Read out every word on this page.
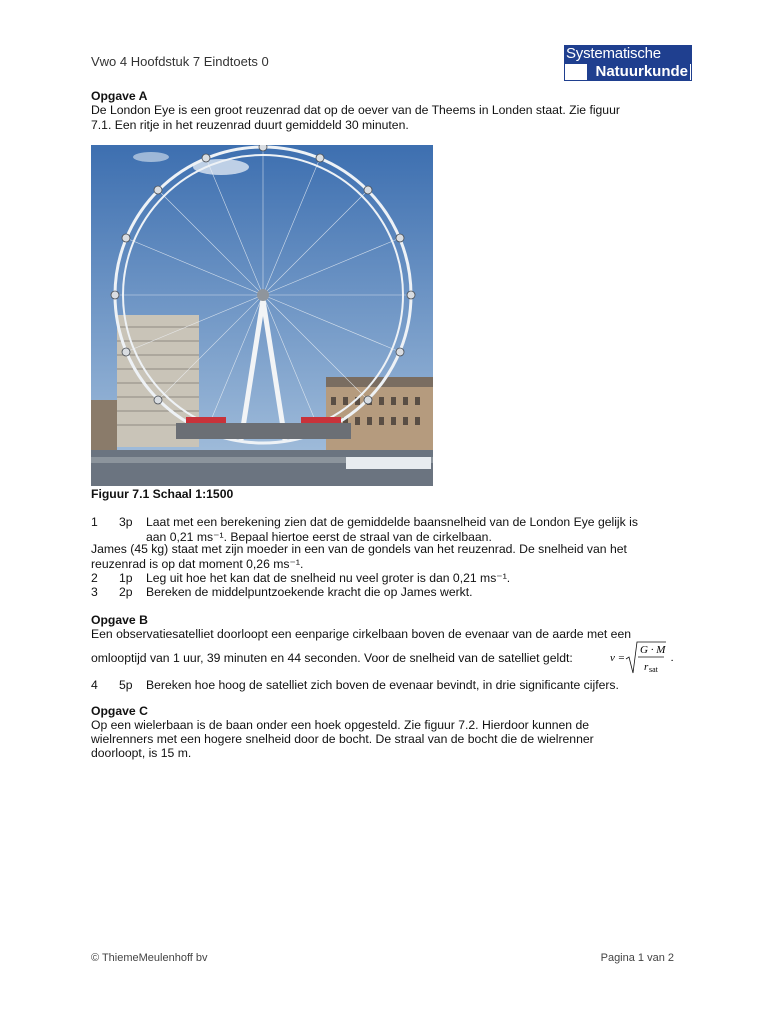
Vwo 4 Hoofdstuk 7 Eindtoets 0	Systematische
Natuurkunde
Opgave A
De London Eye is een groot reuzenrad dat op de oever van de Theems in Londen staat. Zie figuur
7.1. Een ritje in het reuzenrad duurt gemiddeld 30 minuten.
Figuur 7.1 Schaal 1:1500
1 3p Laat met een berekening zien dat de gemiddelde baansnelheid van de London Eye gelijk is
aan 0,21 ms⁻¹. Bepaal hiertoe eerst de straal van de cirkelbaan.
James (45 kg) staat met zijn moeder in een van de gondels van het reuzenrad. De snelheid van het
reuzenrad is op dat moment 0,26 ms⁻¹.
2 1p Leg uit hoe het kan dat de snelheid nu veel groter is dan 0,21 ms⁻¹.
3 2p Bereken de middelpuntzoekende kracht die op James werkt.
Opgave B
Een observatiesatelliet doorloopt een eenparige cirkelbaan boven de evenaar van de aarde met een
omlooptijd van 1 uur, 39 minuten en 44 seconden. Voor de snelheid van de satelliet geldt:	v =
G · M
r sat
.
4 5p Bereken hoe hoog de satelliet zich boven de evenaar bevindt, in drie significante cijfers.
Opgave C
Op een wielerbaan is de baan onder een hoek opgesteld. Zie figuur 7.2. Hierdoor kunnen de
wielrenners met een hogere snelheid door de bocht. De straal van de bocht die de wielrenner
doorloopt, is 15 m.
© ThiemeMeulenhoff bv	Pagina 1 van 2
